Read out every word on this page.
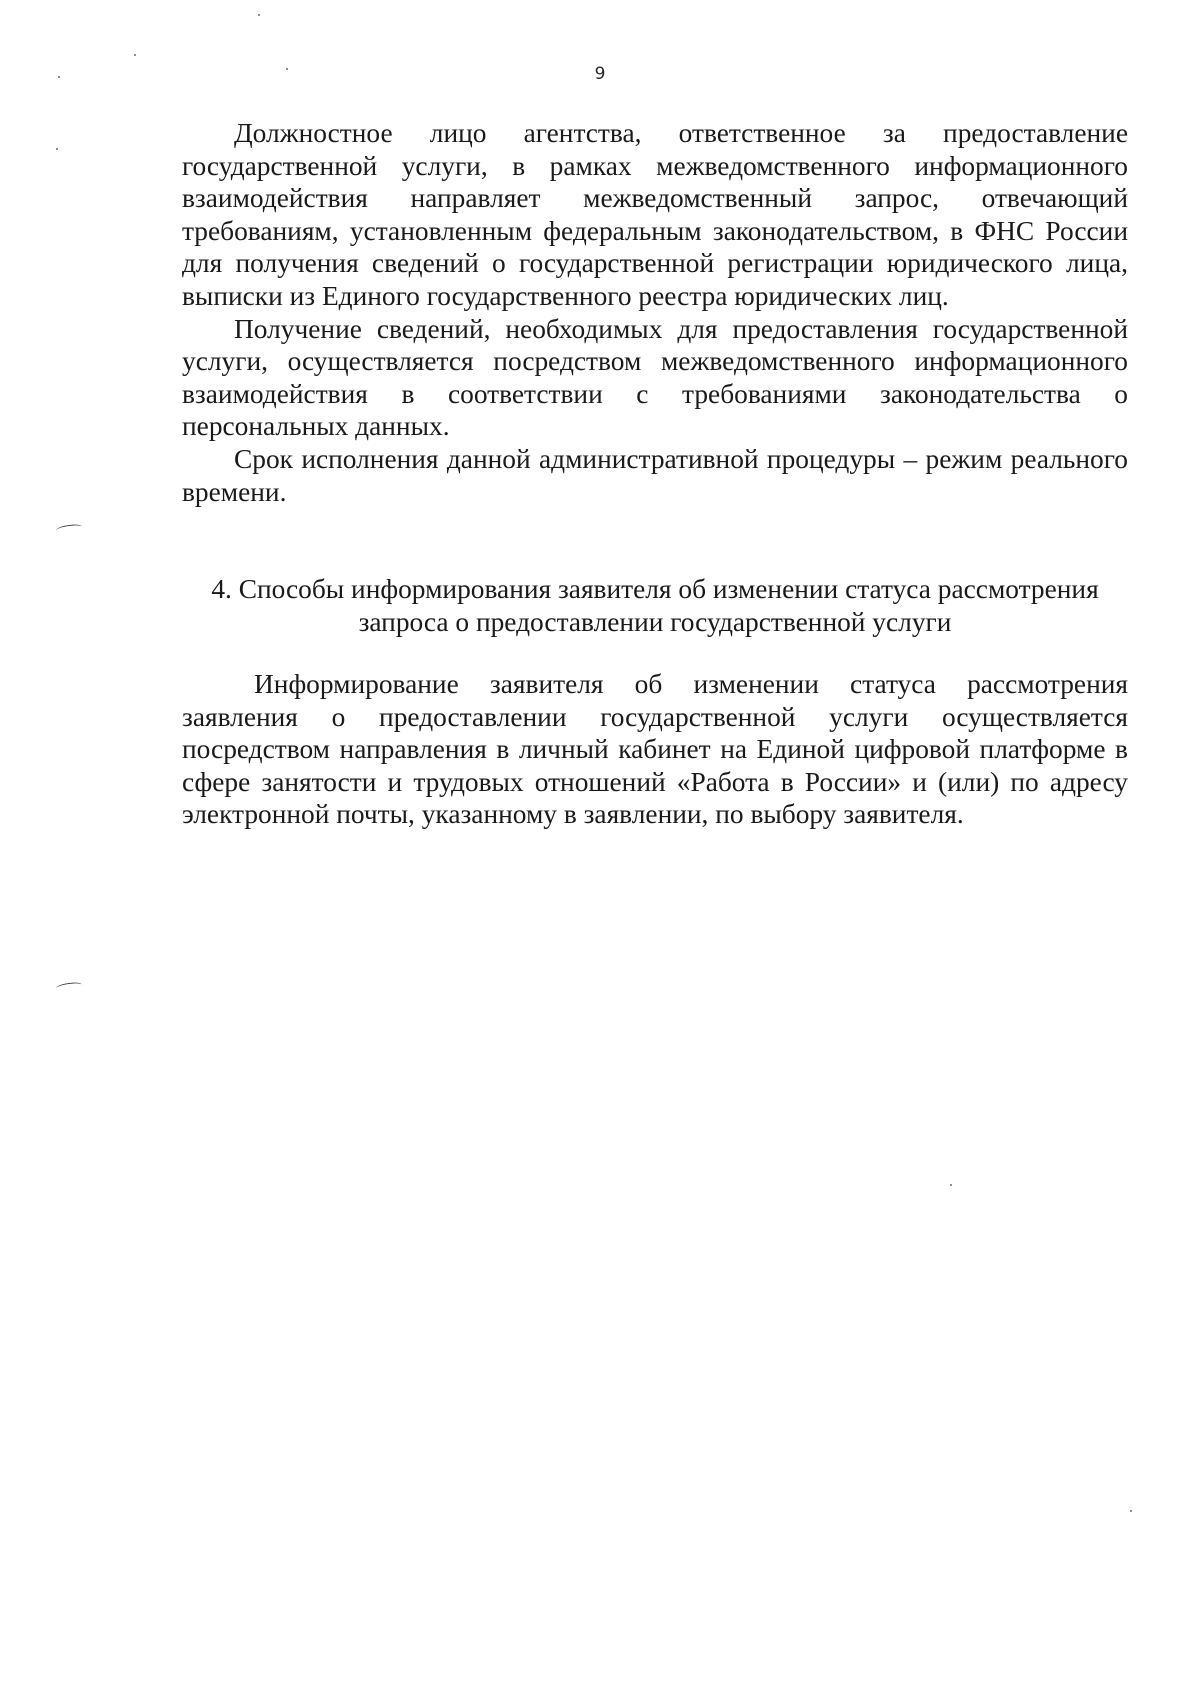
9

Должностное лицо агентства, ответственное за предоставление государственной услуги, в рамках межведомственного информационного взаимодействия направляет межведомственный запрос, отвечающий требованиям, установленным федеральным законодательством, в ФНС России для получения сведений о государственной регистрации юридического лица, выписки из Единого государственного реестра юридических лиц.

Получение сведений, необходимых для предоставления государственной услуги, осуществляется посредством межведомственного информационного взаимодействия в соответствии с требованиями законодательства о персональных данных.

Срок исполнения данной административной процедуры – режим реального времени.

4. Способы информирования заявителя об изменении статуса рассмотрения
запроса о предоставлении государственной услуги

Информирование заявителя об изменении статуса рассмотрения заявления о предоставлении государственной услуги осуществляется посредством направления в личный кабинет на Единой цифровой платформе в сфере занятости и трудовых отношений «Работа в России» и (или) по адресу электронной почты, указанному в заявлении, по выбору заявителя.
